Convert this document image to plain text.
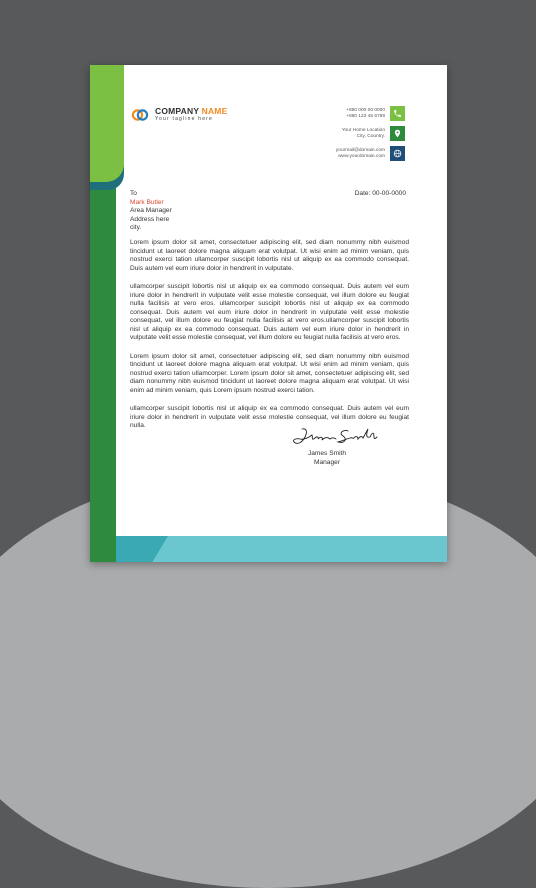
COMPANY NAME
Your tagline here
+880 000 00 0000
+880 123 45 6789
Your Home Location
City, Country.
yourmail@domain.com
www.yourdomain.com
Date: 00-00-0000
To
Mark Butler
Area Manager
Address here
city.

Lorem ipsum dolor sit amet, consectetuer adipiscing elit, sed diam nonummy nibh euismod tincidunt ut laoreet dolore magna aliquam erat volutpat. Ut wisi enim ad minim veniam, quis nostrud exerci tation ullamcorper suscipit lobortis nisl ut aliquip ex ea commodo consequat. Duis autem vel eum iriure dolor in hendrerit in vulputate.

ullamcorper suscipit lobortis nisl ut aliquip ex ea commodo consequat. Duis autem vel eum iriure dolor in hendrerit in vulputate velit esse molestie consequat, vel illum dolore eu feugiat nulla facilisis at vero eros. ullamcorper suscipit lobortis nisl ut aliquip ex ea commodo consequat. Duis autem vel eum iriure dolor in hendrerit in vulputate velit esse molestie consequat, vel illum dolore eu feugiat nulla facilisis at vero eros.ullamcorper suscipit lobortis nisl ut aliquip ex ea commodo consequat. Duis autem vel eum iriure dolor in hendrerit in vulputate velit esse molestie consequat, vel illum dolore eu feugiat nulla facilisis at vero eros.

Lorem ipsum dolor sit amet, consectetuer adipiscing elit, sed diam nonummy nibh euismod tincidunt ut laoreet dolore magna aliquam erat volutpat. Ut wisi enim ad minim veniam, quis nostrud exerci tation ullamcorper. Lorem ipsum dolor sit amet, consectetuer adipiscing elit, sed diam nonummy nibh euismod tincidunt ut laoreet dolore magna aliquam erat volutpat. Ut wisi enim ad minim veniam, quis Lorem ipsum nostrud exerci tation.

ullamcorper suscipit lobortis nisl ut aliquip ex ea commodo consequat. Duis autem vel eum iriure dolor in hendrerit in vulputate velit esse molestie consequat, vel illum dolore eu feugiat nulla.

James Smith
Manager
